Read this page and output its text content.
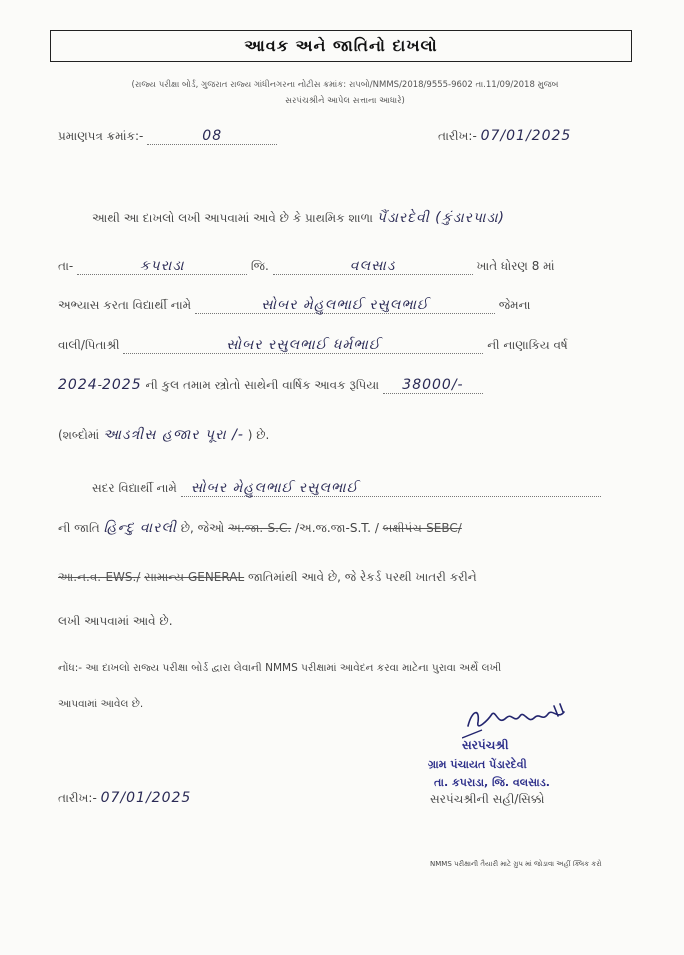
આવક અને જાતિનો દાખલો
(રાજ્ય પરીક્ષા બોર્ડ, ગુજરાત રાજ્ય ગાંધીનગરના નોટીસ ક્રમાંક: રાપબો/NMMS/2018/9555-9602 તા.11/09/2018 મુજબ
સરપંચશ્રીને આપેલ સત્તાના આધારે)
પ્રમાણપત્ર ક્રમાંક:-	08	તારીખ:- 07/01/2025
આથી આ દાખલો લખી આપવામાં આવે છે કે પ્રાથમિક શાળા પૈંડારદેવી (કુંડારપાડા)
તા-	કપરાડા	જિ.	વલસાડ	ખાતે ધોરણ 8 માં
અભ્યાસ કરતા વિદ્યાર્થી નામે	સોબર મેહુલભાઈ રસુલભાઈ	જેમના
વાલી/પિતાશ્રી	સોબર રસુલભાઈ ધર્મભાઈ	ની નાણાકિય વર્ષ
2024-2025 ની કુલ તમામ સ્ત્રોતો સાથેની વાર્ષિક આવક રૂપિયા 38000/-
(શબ્દોમાં આડત્રીસ હજાર પૂરા /- ) છે.
સદર વિદ્યાર્થી નામે સોબર મેહુલભાઈ રસુલભાઈ
ની જાતિ હિન્દુ વારલી છે, જેઓ અ.જા.-S.C. /અ.જ.જા-S.T. / બક્ષીપંચ-SEBC/
આ.ન.વ.-EWS./ સામાન્ય GENERAL જાતિમાંથી આવે છે, જે રેકર્ડ પરથી ખાતરી કરીને
લખી આપવામાં આવે છે.
નોંધ:- આ દાખલો રાજ્ય પરીક્ષા બોર્ડ દ્વારા લેવાની NMMS પરીક્ષામાં આવેદન કરવા માટેના પુરાવા અર્થે લખી
આપવામાં આવેલ છે.
સરપંચશ્રી
ગ્રામ પંચાયત પેંડારદેવી
તા. કપરાડા, જિ. વલસાડ.
સરપંચશ્રીની સહી/સિક્કો
તારીખ:- 07/01/2025
NMMS પરીક્ષાની તૈયારી માટે ગ્રુપ માં જોડાવા અહીં ક્લિક કરો
